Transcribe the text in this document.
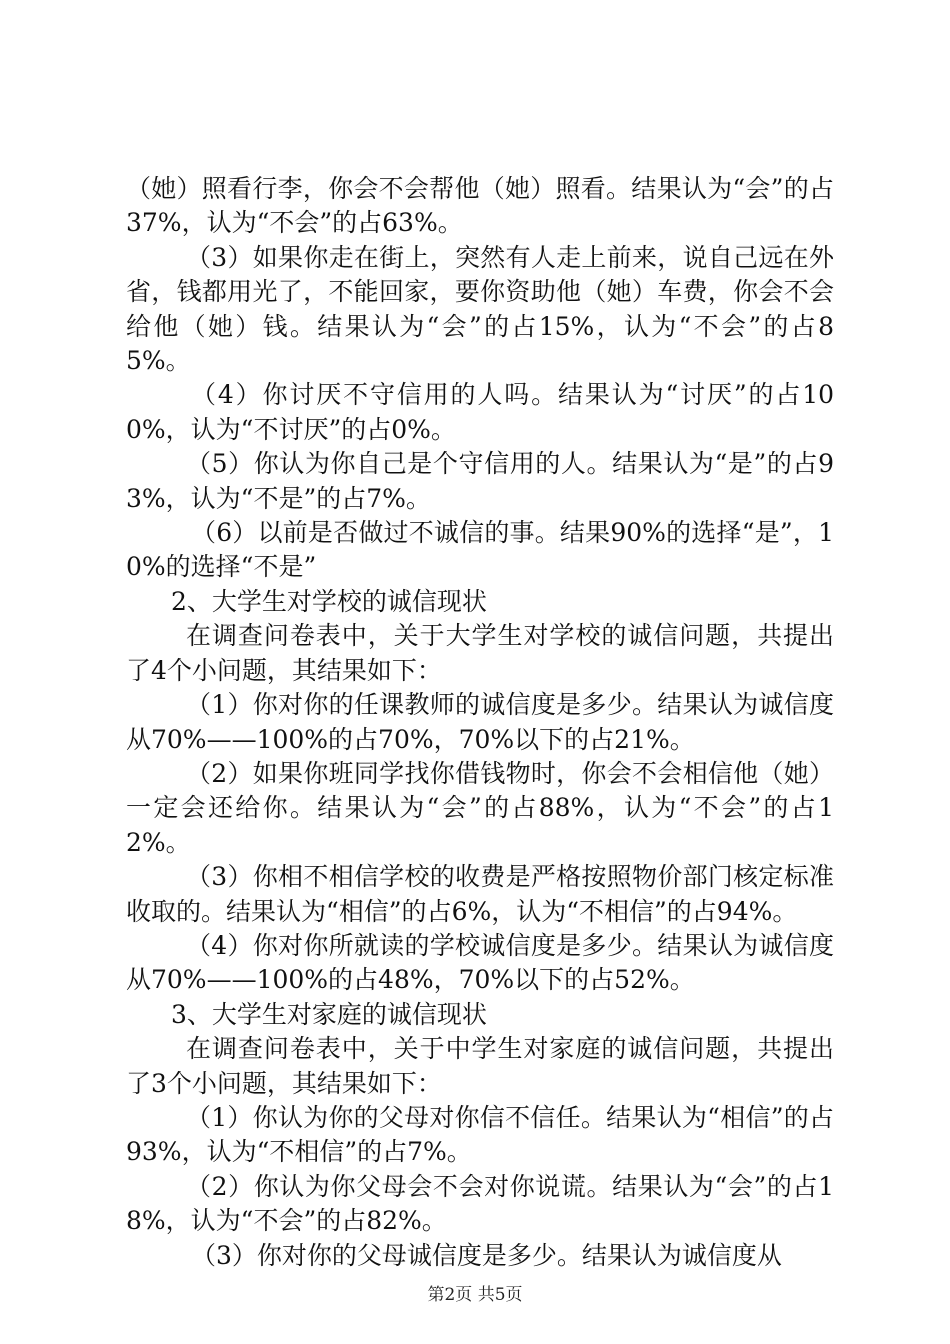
（她）照看行李，你会不会帮他（她）照看。结果认为“会”的占37%，认为“不会”的占63%。

（3）如果你走在街上，突然有人走上前来，说自己远在外省，钱都用光了，不能回家，要你资助他（她）车费，你会不会给他（她）钱。结果认为“会”的占15%，认为“不会”的占85%。

（4）你讨厌不守信用的人吗。结果认为“讨厌”的占100%，认为“不讨厌”的占0%。

（5）你认为你自己是个守信用的人。结果认为“是”的占93%，认为“不是”的占7%。

（6）以前是否做过不诚信的事。结果90%的选择“是”，10%的选择“不是”

2、大学生对学校的诚信现状

在调查问卷表中，关于大学生对学校的诚信问题，共提出了4个小问题，其结果如下：

（1）你对你的任课教师的诚信度是多少。结果认为诚信度从70%——100%的占70%，70%以下的占21%。

（2）如果你班同学找你借钱物时，你会不会相信他（她）一定会还给你。结果认为“会”的占88%，认为“不会”的占12%。

（3）你相不相信学校的收费是严格按照物价部门核定标准收取的。结果认为“相信”的占6%，认为“不相信”的占94%。

（4）你对你所就读的学校诚信度是多少。结果认为诚信度从70%——100%的占48%，70%以下的占52%。

3、大学生对家庭的诚信现状

在调查问卷表中，关于中学生对家庭的诚信问题，共提出了3个小问题，其结果如下：

（1）你认为你的父母对你信不信任。结果认为“相信”的占93%，认为“不相信”的占7%。

（2）你认为你父母会不会对你说谎。结果认为“会”的占18%，认为“不会”的占82%。

（3）你对你的父母诚信度是多少。结果认为诚信度从

第2页 共5页
